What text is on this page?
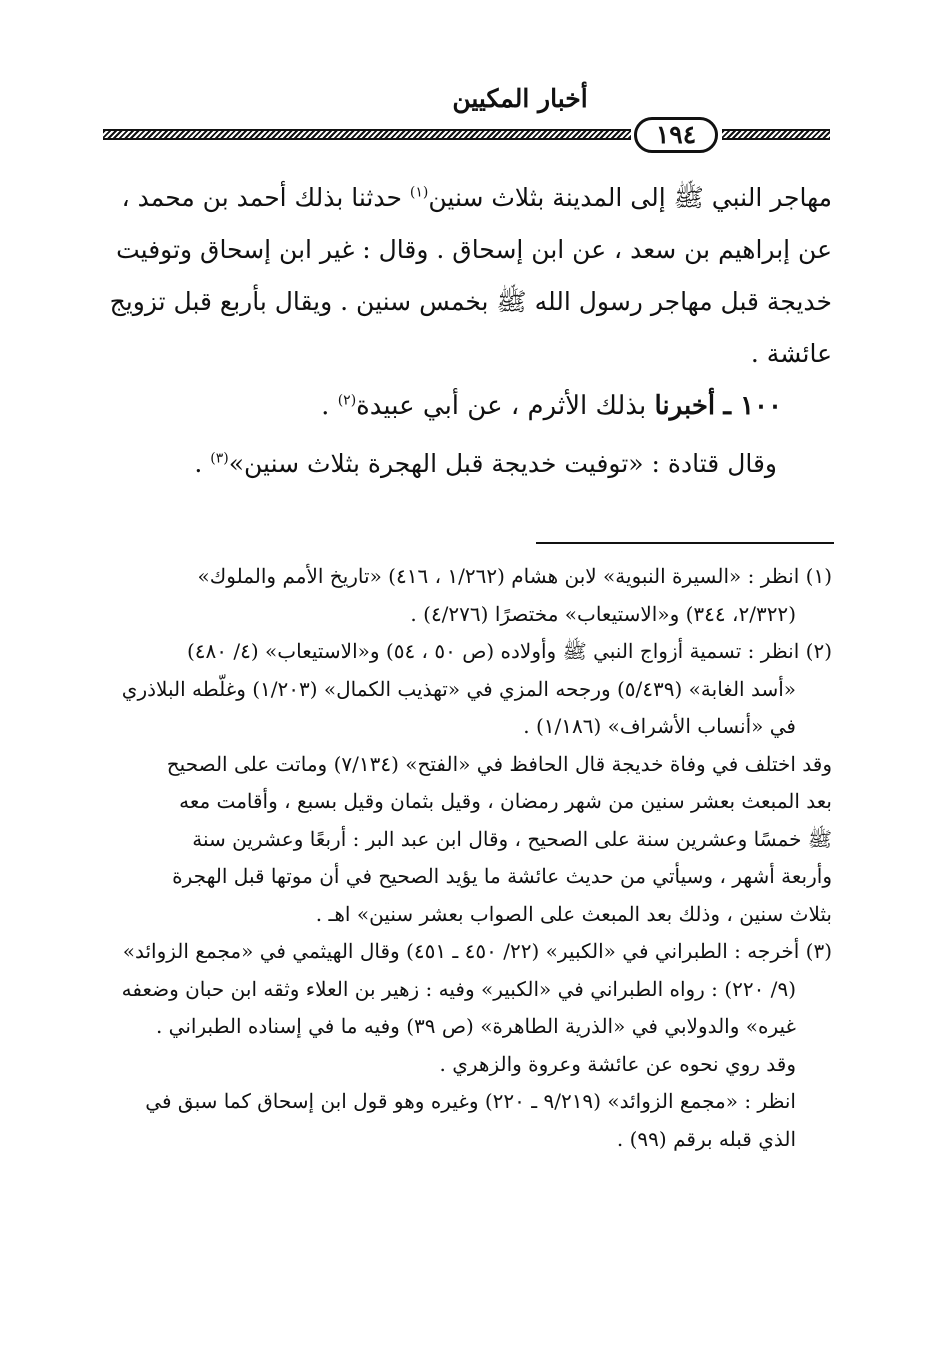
أخبار المكيين
١٩٤
مهاجر النبي ﷺ إلى المدينة بثلاث سنين$^{(١)}$ حدثنا بذلك أحمد بن محمد ،
عن إبراهيم بن سعد ، عن ابن إسحاق . وقال : غير ابن إسحاق وتوفيت
خديجة قبل مهاجر رسول الله ﷺ بخمس سنين . ويقال بأربع قبل تزويج
عائشة .
١٠٠ ـ أخبرنا بذلك الأثرم ، عن أبي عبيدة$^{(٢)}$ .
وقال قتادة : «توفيت خديجة قبل الهجرة بثلاث سنين»$^{(٣)}$ .
(١) انظر : «السيرة النبوية» لابن هشام (١/٢٦٢ ، ٤١٦) «تاريخ الأمم والملوك»
(٢/٣٢٢، ٣٤٤) و«الاستيعاب» مختصرًا (٤/٢٧٦) .
(٢) انظر : تسمية أزواج النبي ﷺ وأولاده (ص ٥٠ ، ٥٤) و«الاستيعاب» (٤/ ٤٨٠)
«أسد الغابة» (٥/٤٣٩) ورجحه المزي في «تهذيب الكمال» (١/٢٠٣) وغلّطه البلاذري
في «أنساب الأشراف» (١/١٨٦) .
وقد اختلف في وفاة خديجة قال الحافظ في «الفتح» (٧/١٣٤) وماتت على الصحيح
بعد المبعث بعشر سنين من شهر رمضان ، وقيل بثمان وقيل بسبع ، وأقامت معه
ﷺ خمسًا وعشرين سنة على الصحيح ، وقال ابن عبد البر : أربعًا وعشرين سنة
وأربعة أشهر ، وسيأتي من حديث عائشة ما يؤيد الصحيح في أن موتها قبل الهجرة
بثلاث سنين ، وذلك بعد المبعث على الصواب بعشر سنين» اهـ .
(٣) أخرجه : الطبراني في «الكبير» (٢٢/ ٤٥٠ ـ ٤٥١) وقال الهيثمي في «مجمع الزوائد»
(٩/ ٢٢٠) : رواه الطبراني في «الكبير» وفيه : زهير بن العلاء وثقه ابن حبان وضعفه
غيره» والدولابي في «الذرية الطاهرة» (ص ٣٩) وفيه ما في إسناده الطبراني .
وقد روي نحوه عن عائشة وعروة والزهري .
انظر : «مجمع الزوائد» (٩/٢١٩ ـ ٢٢٠) وغيره وهو قول ابن إسحاق كما سبق في
الذي قبله برقم (٩٩) .
